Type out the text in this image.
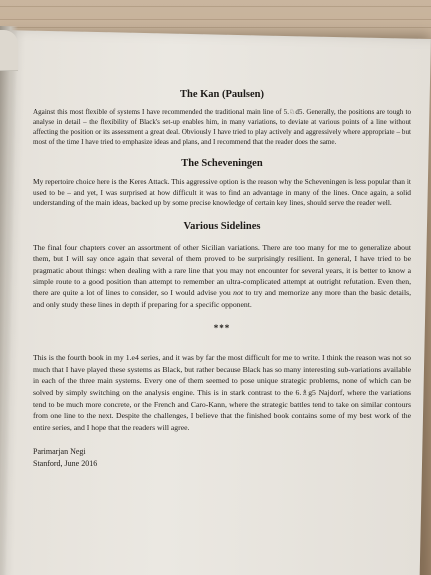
The Kan (Paulsen)

Against this most flexible of systems I have recommended the traditional main line of 5.♘d5. Generally, the positions are tough to analyse in detail – the flexibility of Black's set-up enables him, in many variations, to deviate at various points of a line without affecting the position or its assessment a great deal. Obviously I have tried to play actively and aggressively where appropriate – but most of the time I have tried to emphasize ideas and plans, and I recommend that the reader does the same.

The Scheveningen

My repertoire choice here is the Keres Attack. This aggressive option is the reason why the Scheveningen is less popular than it used to be – and yet, I was surprised at how difficult it was to find an advantage in many of the lines. Once again, a solid understanding of the main ideas, backed up by some precise knowledge of certain key lines, should serve the reader well.

Various Sidelines

The final four chapters cover an assortment of other Sicilian variations. There are too many for me to generalize about them, but I will say once again that several of them proved to be surprisingly resilient. In general, I have tried to be pragmatic about things: when dealing with a rare line that you may not encounter for several years, it is better to know a simple route to a good position than attempt to remember an ultra-complicated attempt at outright refutation. Even then, there are quite a lot of lines to consider, so I would advise you not to try and memorize any more than the basic details, and only study these lines in depth if preparing for a specific opponent.

***

This is the fourth book in my 1.e4 series, and it was by far the most difficult for me to write. I think the reason was not so much that I have played these systems as Black, but rather because Black has so many interesting sub-variations available in each of the three main systems. Every one of them seemed to pose unique strategic problems, none of which can be solved by simply switching on the analysis engine. This is in stark contrast to the 6.♗g5 Najdorf, where the variations tend to be much more concrete, or the French and Caro-Kann, where the strategic battles tend to take on similar contours from one line to the next. Despite the challenges, I believe that the finished book contains some of my best work of the entire series, and I hope that the readers will agree.

Parimarjan Negi
Stanford, June 2016
